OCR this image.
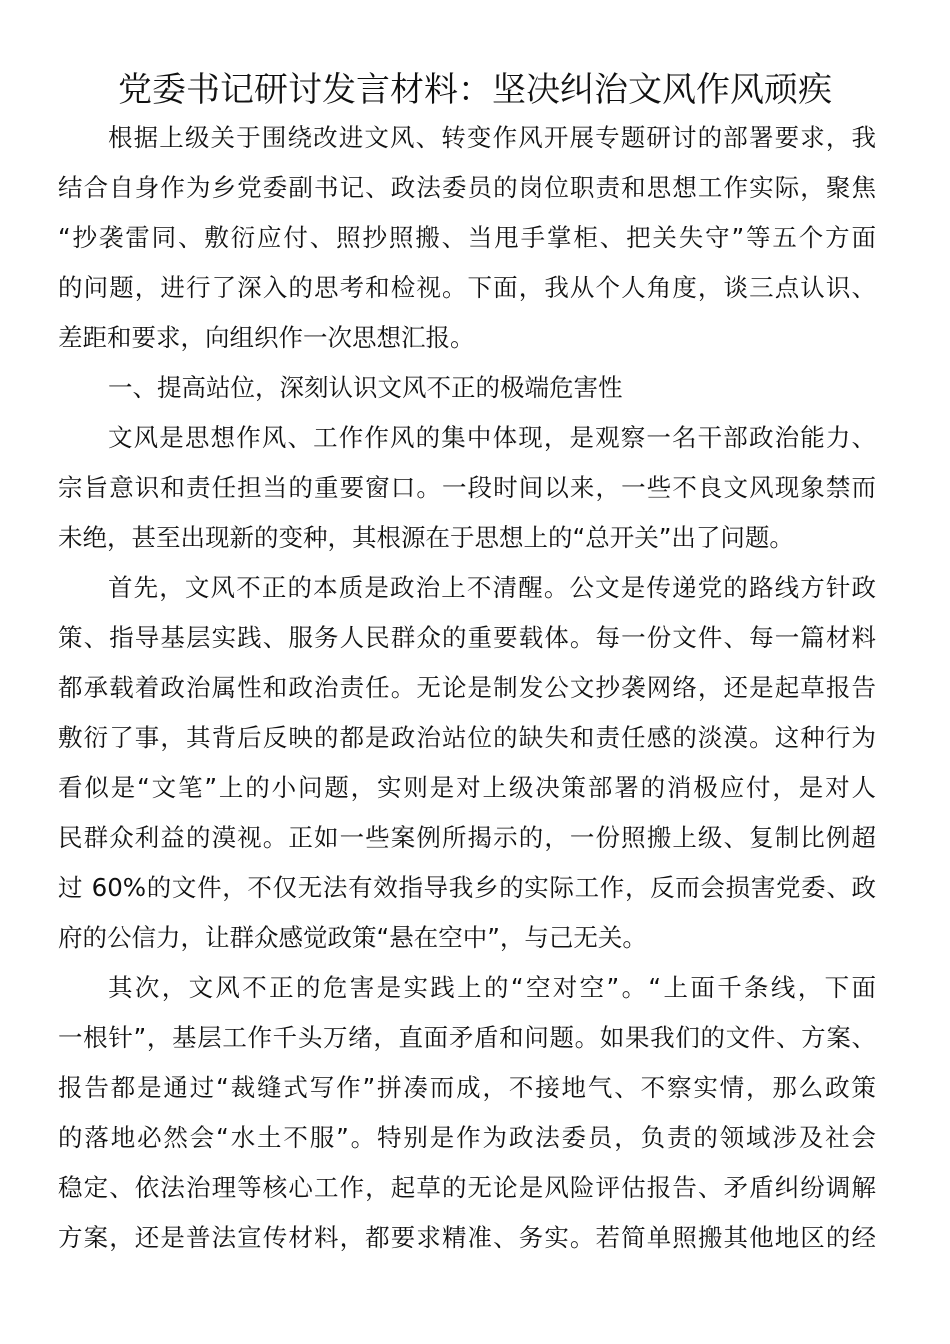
党委书记研讨发言材料：坚决纠治文风作风顽疾
根据上级关于围绕改进文风、转变作风开展专题研讨的部署要求，我
结合自身作为乡党委副书记、政法委员的岗位职责和思想工作实际，聚焦
“抄袭雷同、敷衍应付、照抄照搬、当甩手掌柜、把关失守”等五个方面
的问题，进行了深入的思考和检视。下面，我从个人角度，谈三点认识、
差距和要求，向组织作一次思想汇报。
一、提高站位，深刻认识文风不正的极端危害性
文风是思想作风、工作作风的集中体现，是观察一名干部政治能力、
宗旨意识和责任担当的重要窗口。一段时间以来，一些不良文风现象禁而
未绝，甚至出现新的变种，其根源在于思想上的“总开关”出了问题。
首先，文风不正的本质是政治上不清醒。公文是传递党的路线方针政
策、指导基层实践、服务人民群众的重要载体。每一份文件、每一篇材料
都承载着政治属性和政治责任。无论是制发公文抄袭网络，还是起草报告
敷衍了事，其背后反映的都是政治站位的缺失和责任感的淡漠。这种行为
看似是“文笔”上的小问题，实则是对上级决策部署的消极应付，是对人
民群众利益的漠视。正如一些案例所揭示的，一份照搬上级、复制比例超
过 60%的文件，不仅无法有效指导我乡的实际工作，反而会损害党委、政
府的公信力，让群众感觉政策“悬在空中”，与己无关。
其次，文风不正的危害是实践上的“空对空”。“上面千条线，下面
一根针”，基层工作千头万绪，直面矛盾和问题。如果我们的文件、方案、
报告都是通过“裁缝式写作”拼凑而成，不接地气、不察实情，那么政策
的落地必然会“水土不服”。特别是作为政法委员，负责的领域涉及社会
稳定、依法治理等核心工作，起草的无论是风险评估报告、矛盾纠纷调解
方案，还是普法宣传材料，都要求精准、务实。若简单照搬其他地区的经
